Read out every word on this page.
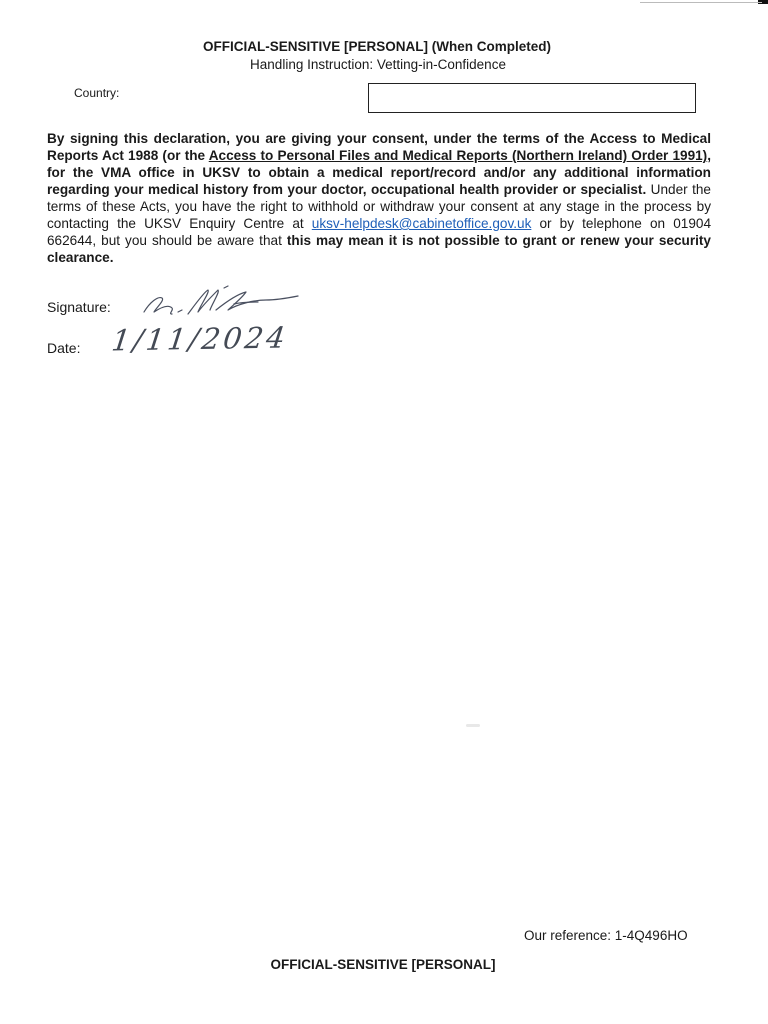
OFFICIAL-SENSITIVE [PERSONAL] (When Completed)
Handling Instruction: Vetting-in-Confidence
Country:
By signing this declaration, you are giving your consent, under the terms of the Access to Medical Reports Act 1988 (or the Access to Personal Files and Medical Reports (Northern Ireland) Order 1991), for the VMA office in UKSV to obtain a medical report/record and/or any additional information regarding your medical history from your doctor, occupational health provider or specialist. Under the terms of these Acts, you have the right to withhold or withdraw your consent at any stage in the process by contacting the UKSV Enquiry Centre at uksv-helpdesk@cabinetoffice.gov.uk or by telephone on 01904 662644, but you should be aware that this may mean it is not possible to grant or renew your security clearance.
Signature:
Date: 1/11/2024
Our reference: 1-4Q496HO
OFFICIAL-SENSITIVE [PERSONAL]
